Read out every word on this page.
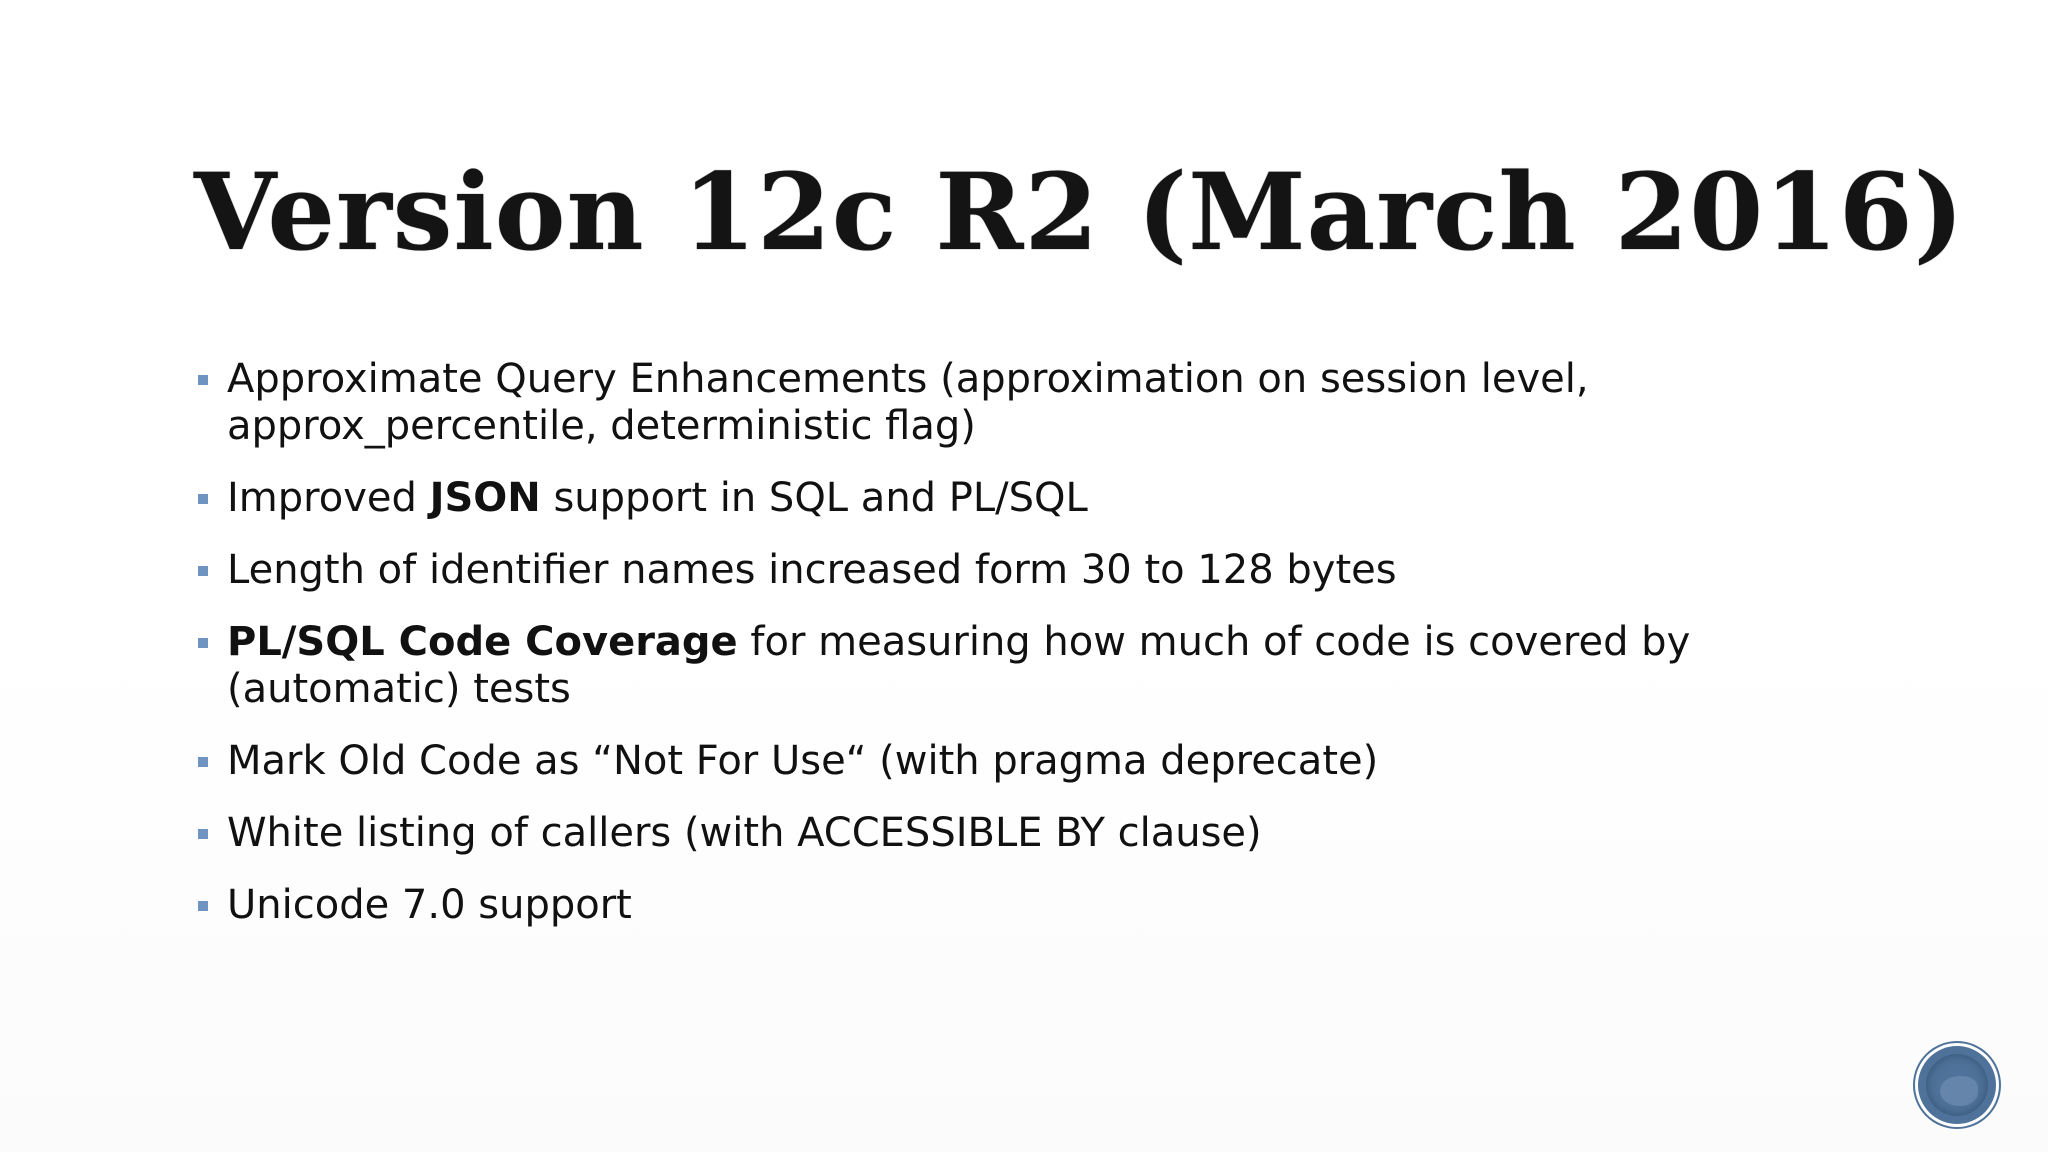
Version 12c R2 (March 2016)
Approximate Query Enhancements (approximation on session level, approx_percentile, deterministic flag)
Improved JSON support in SQL and PL/SQL
Length of identifier names increased form 30 to 128 bytes
PL/SQL Code Coverage for measuring how much of code is covered by (automatic) tests
Mark Old Code as “Not For Use“ (with pragma deprecate)
White listing of callers (with ACCESSIBLE BY clause)
Unicode 7.0 support
